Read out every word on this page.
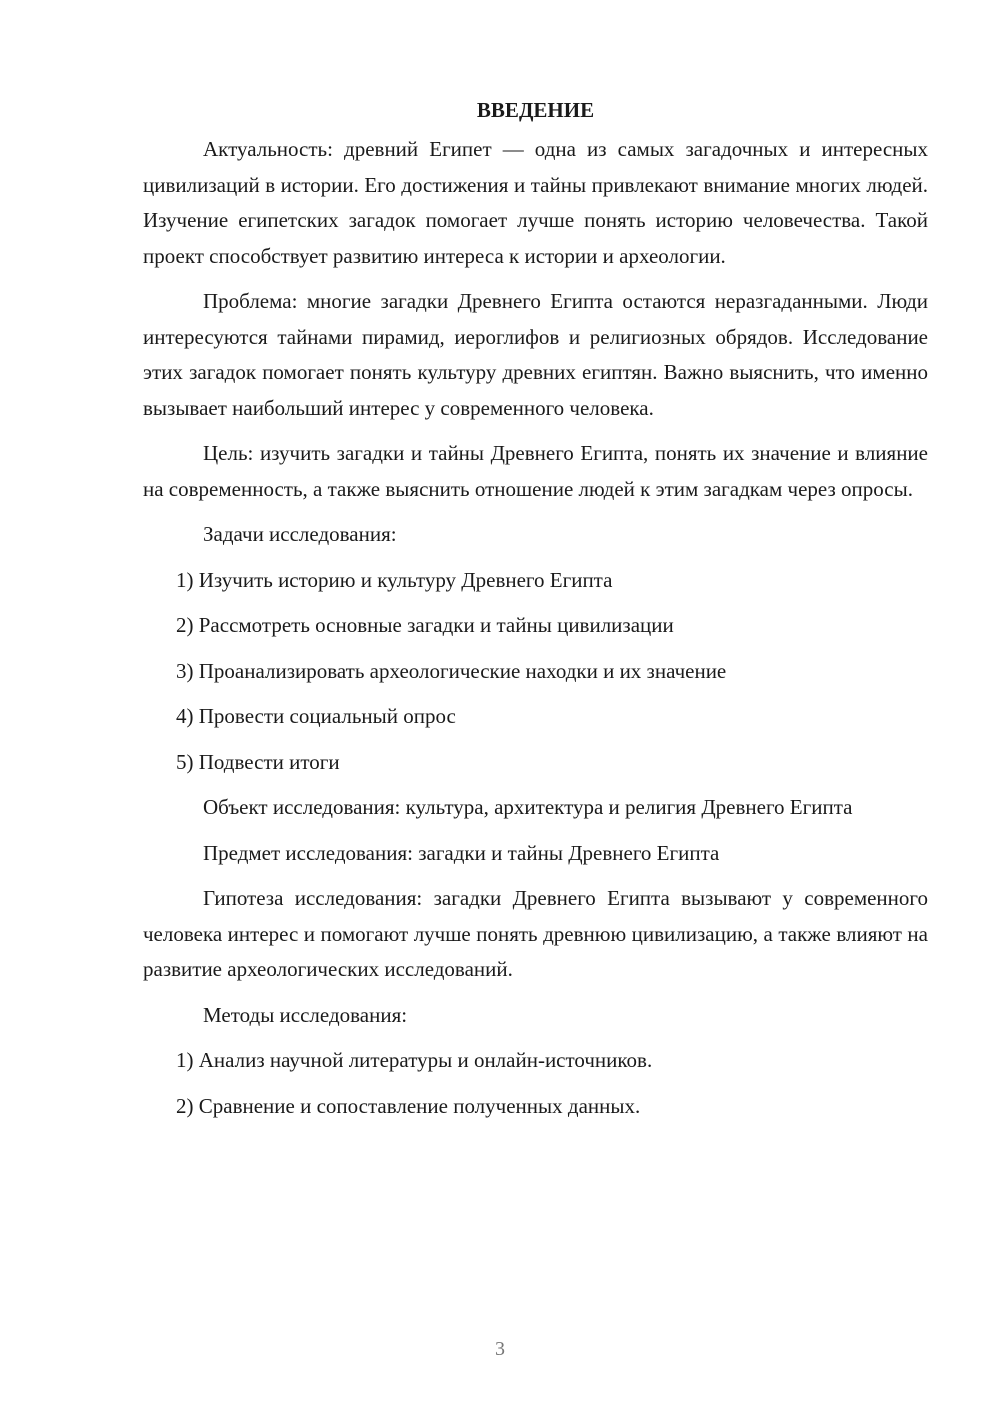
ВВЕДЕНИЕ

Актуальность: древний Египет — одна из самых загадочных и интересных цивилизаций в истории. Его достижения и тайны привлекают внимание многих людей. Изучение египетских загадок помогает лучше понять историю человечества. Такой проект способствует развитию интереса к истории и археологии.

Проблема: многие загадки Древнего Египта остаются неразгаданными. Люди интересуются тайнами пирамид, иероглифов и религиозных обрядов. Исследование этих загадок помогает понять культуру древних египтян. Важно выяснить, что именно вызывает наибольший интерес у современного человека.

Цель: изучить загадки и тайны Древнего Египта, понять их значение и влияние на современность, а также выяснить отношение людей к этим загадкам через опросы.

Задачи исследования:

1) Изучить историю и культуру Древнего Египта

2) Рассмотреть основные загадки и тайны цивилизации

3) Проанализировать археологические находки и их значение

4) Провести социальный опрос

5) Подвести итоги

Объект исследования: культура, архитектура и религия Древнего Египта

Предмет исследования: загадки и тайны Древнего Египта

Гипотеза исследования: загадки Древнего Египта вызывают у современного человека интерес и помогают лучше понять древнюю цивилизацию, а также влияют на развитие археологических исследований.

Методы исследования:

1) Анализ научной литературы и онлайн-источников.

2) Сравнение и сопоставление полученных данных.

3
